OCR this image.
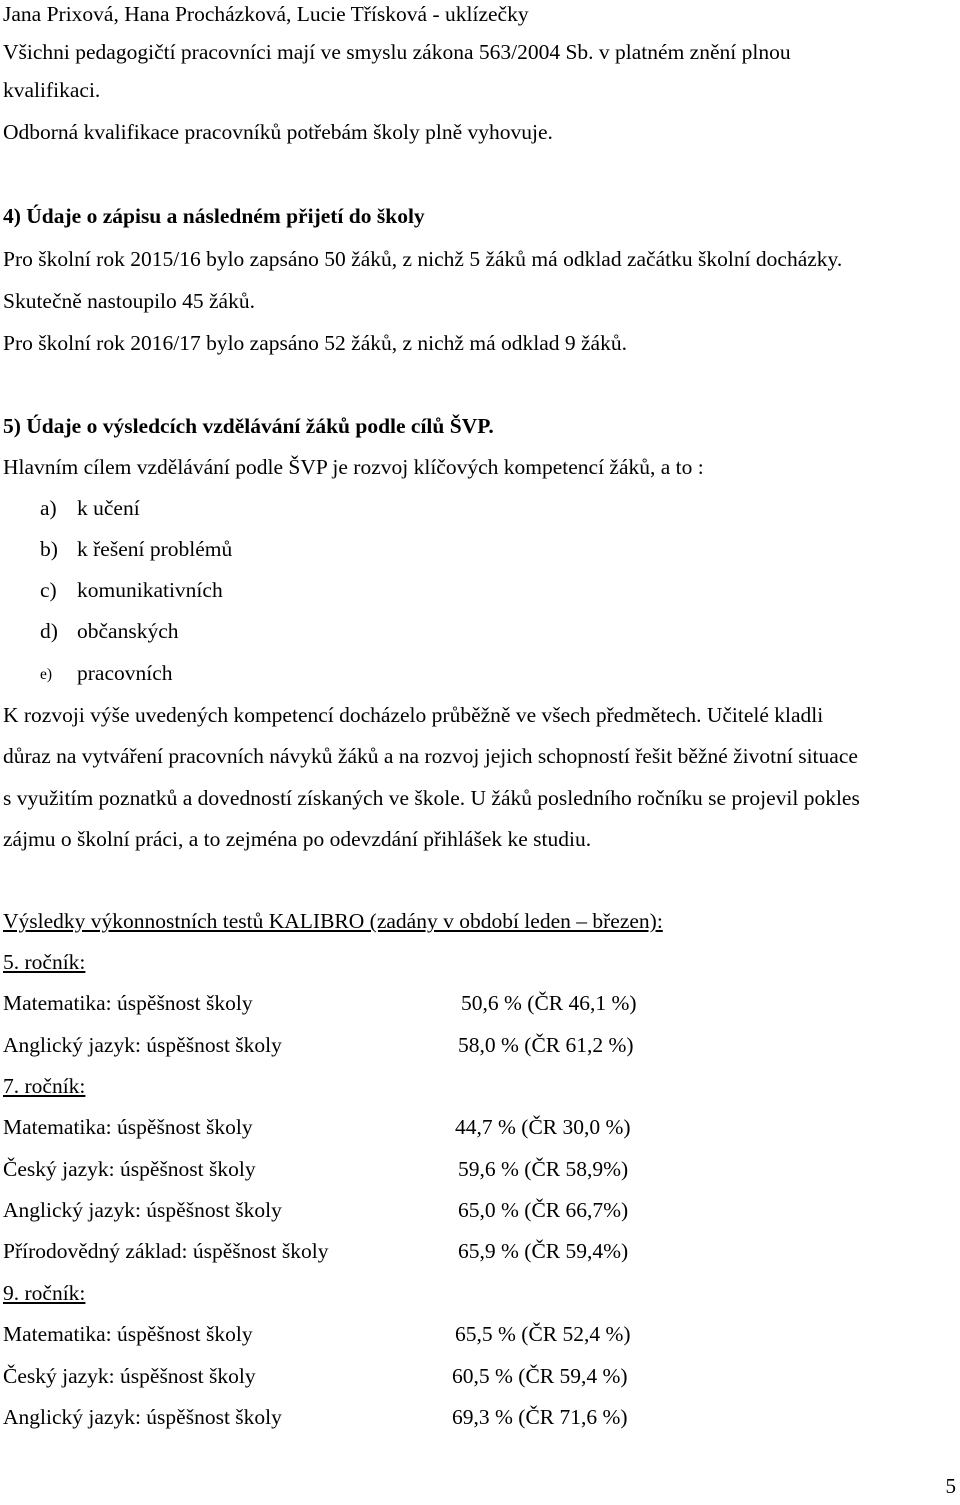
Jana Prixová, Hana Procházková, Lucie Třísková - uklízečky
Všichni pedagogičtí pracovníci mají ve smyslu zákona 563/2004 Sb. v platném znění plnou
kvalifikaci.
Odborná kvalifikace pracovníků potřebám školy plně vyhovuje.
4) Údaje o zápisu a následném přijetí do školy
Pro školní rok 2015/16 bylo zapsáno 50 žáků, z nichž 5 žáků má odklad začátku školní docházky.
Skutečně nastoupilo 45 žáků.
Pro školní rok 2016/17 bylo zapsáno 52 žáků, z nichž má odklad 9 žáků.
5) Údaje o výsledcích vzdělávání žáků podle cílů ŠVP.
Hlavním cílem vzdělávání podle ŠVP je rozvoj klíčových kompetencí žáků, a to :
a) k učení
b) k řešení problémů
c) komunikativních
d) občanských
e) pracovních
K rozvoji výše uvedených kompetencí docházelo průběžně ve všech předmětech. Učitelé kladli
důraz na vytváření pracovních návyků žáků a na rozvoj jejich schopností řešit běžné životní situace
s využitím poznatků a dovedností získaných ve škole. U žáků posledního ročníku se projevil pokles
zájmu o školní práci, a to zejména po odevzdání přihlášek ke studiu.
Výsledky výkonnostních testů KALIBRO (zadány v období leden – březen):
5. ročník:
Matematika: úspěšnost školy	50,6 % (ČR 46,1 %)
Anglický jazyk: úspěšnost školy	58,0 % (ČR 61,2 %)
7. ročník:
Matematika: úspěšnost školy	44,7 % (ČR 30,0 %)
Český jazyk: úspěšnost školy	59,6 % (ČR 58,9%)
Anglický jazyk: úspěšnost školy	65,0 % (ČR 66,7%)
Přírodovědný základ: úspěšnost školy	65,9 % (ČR 59,4%)
9. ročník:
Matematika: úspěšnost školy	65,5 % (ČR 52,4 %)
Český jazyk: úspěšnost školy	60,5 % (ČR 59,4 %)
Anglický jazyk: úspěšnost školy	69,3 % (ČR 71,6 %)
5
